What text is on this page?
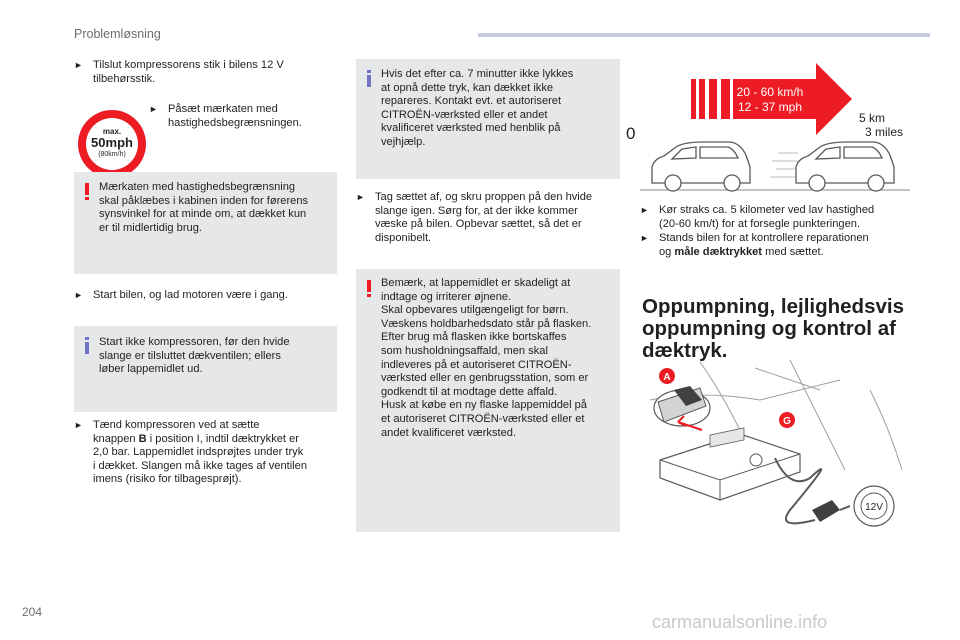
Problemløsning
► Tilslut kompressorens stik i bilens 12 V
tilbehørsstik.
max.
50mph
(80km/h)
► Påsæt mærkaten med
hastighedsbegrænsningen.
Mærkaten med hastighedsbegrænsning
skal påklæbes i kabinen inden for førerens
synsvinkel for at minde om, at dækket kun
er til midlertidig brug.
► Start bilen, og lad motoren være i gang.
Start ikke kompressoren, før den hvide
slange er tilsluttet dækventilen; ellers
løber lappemidlet ud.
► Tænd kompressoren ved at sætte
knappen B i position I, indtil dæktrykket er
2,0 bar. Lappemidlet indsprøjtes under tryk
i dækket. Slangen må ikke tages af ventilen
imens (risiko for tilbagesprøjt).
Hvis det efter ca. 7 minutter ikke lykkes
at opnå dette tryk, kan dækket ikke
repareres. Kontakt evt. et autoriseret
CITROËN-værksted eller et andet
kvalificeret værksted med henblik på
vejhjælp.
► Tag sættet af, og skru proppen på den hvide
slange igen. Sørg for, at der ikke kommer
væske på bilen. Opbevar sættet, så det er
disponibelt.
Bemærk, at lappemidlet er skadeligt at
indtage og irriterer øjnene.
Skal opbevares utilgængeligt for børn.
Væskens holdbarhedsdato står på flasken.
Efter brug må flasken ikke bortskaffes
som husholdningsaffald, men skal
indleveres på et autoriseret CITROËN-
værksted eller en genbrugsstation, som er
godkendt til at modtage dette affald.
Husk at købe en ny flaske lappemiddel på
et autoriseret CITROËN-værksted eller et
andet kvalificeret værksted.
20 - 60 km/h
12 - 37 mph
0
5 km
3 miles
► Kør straks ca. 5 kilometer ved lav hastighed
(20-60 km/t) for at forsegle punkteringen.
► Stands bilen for at kontrollere reparationen
og måle dæktrykket med sættet.
Oppumpning, lejlighedsvis
oppumpning og kontrol af
dæktryk.
A
G
12V
204	carmanualsonline.info
